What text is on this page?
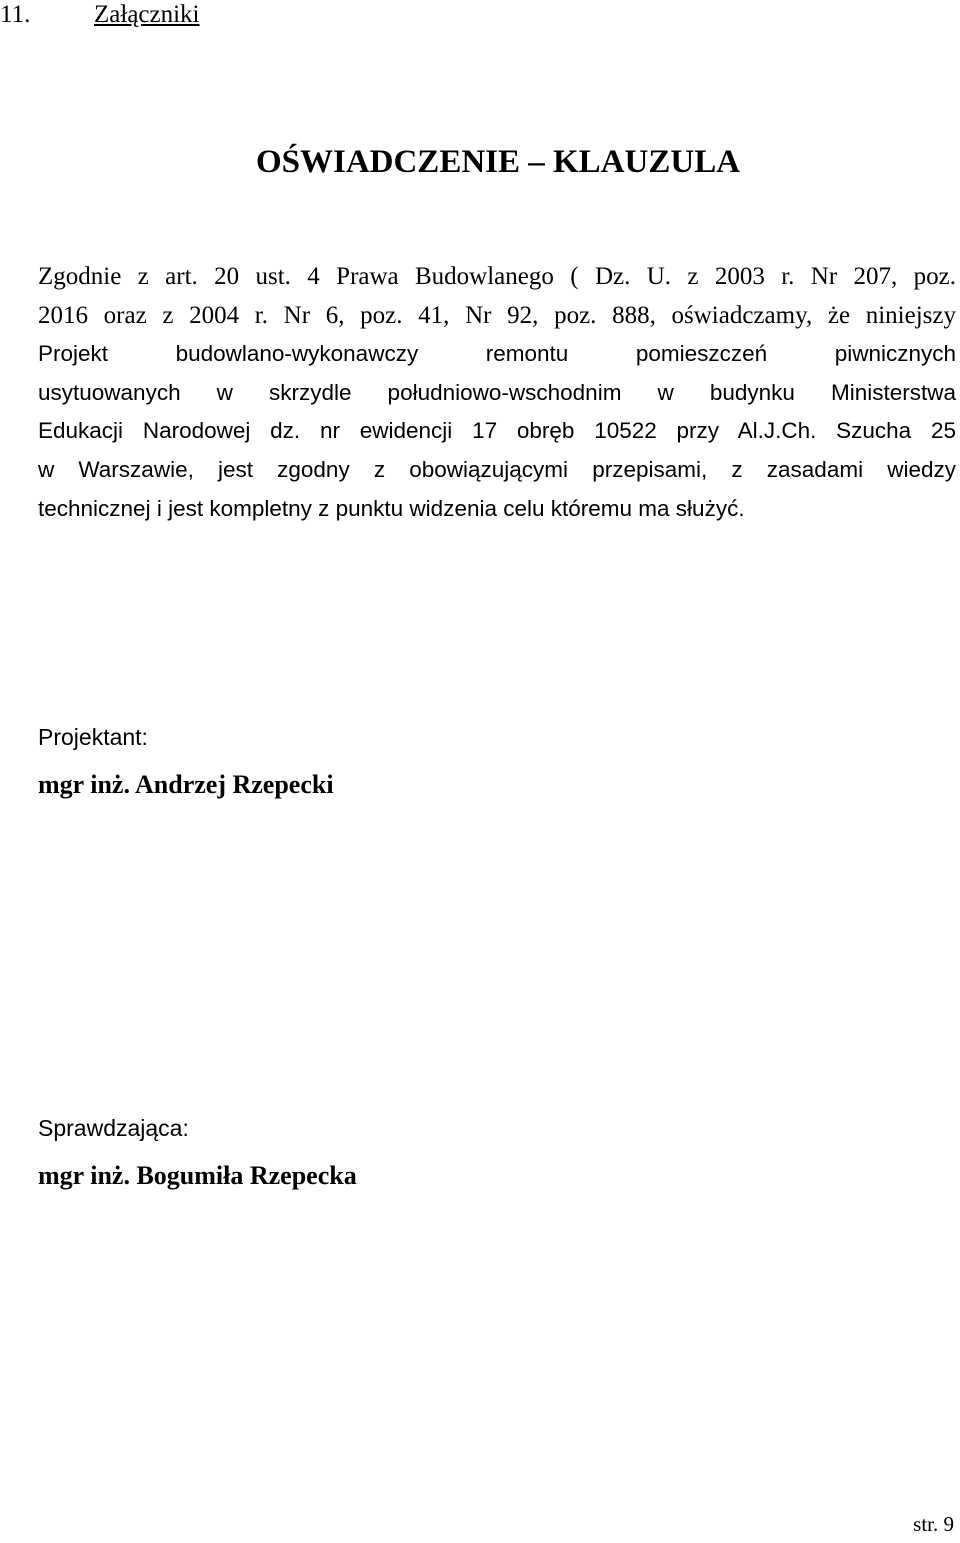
11.	Załączniki
OŚWIADCZENIE – KLAUZULA

Zgodnie z art. 20 ust. 4 Prawa Budowlanego ( Dz. U. z 2003 r. Nr 207, poz.
2016 oraz z 2004 r. Nr 6, poz. 41, Nr 92, poz. 888, oświadczamy, że niniejszy
Projekt budowlano-wykonawczy remontu pomieszczeń piwnicznych
usytuowanych w skrzydle południowo-wschodnim w budynku Ministerstwa
Edukacji Narodowej dz. nr ewidencji 17 obręb 10522 przy Al.J.Ch. Szucha 25
w Warszawie, jest zgodny z obowiązującymi przepisami, z zasadami wiedzy
technicznej i jest kompletny z punktu widzenia celu któremu ma służyć.

Projektant:

mgr inż. Andrzej Rzepecki

Sprawdzająca:

mgr inż. Bogumiła Rzepecka

str. 9
